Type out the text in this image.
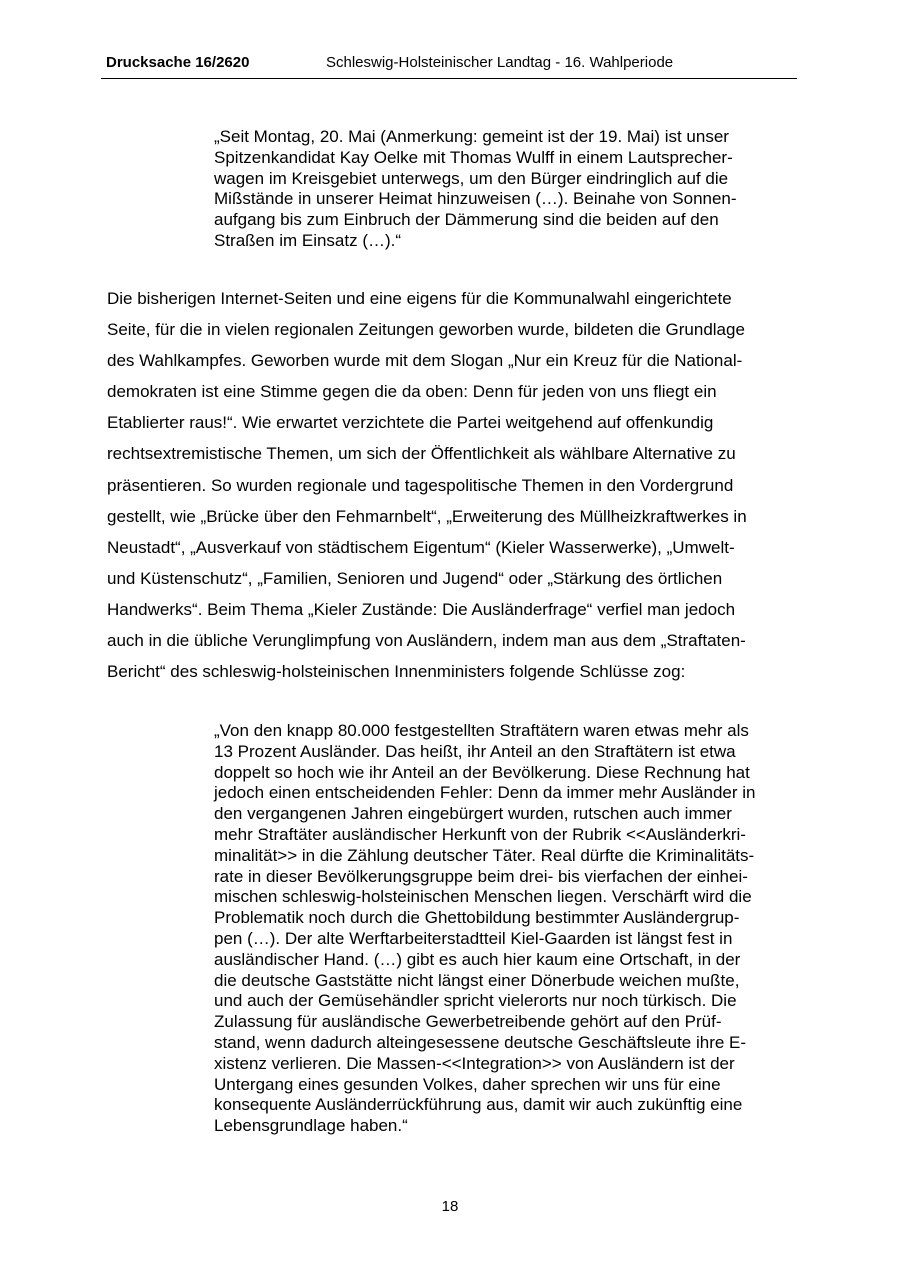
Drucksache 16/2620	Schleswig-Holsteinischer Landtag - 16. Wahlperiode
„Seit Montag, 20. Mai (Anmerkung: gemeint ist der 19. Mai) ist unser
Spitzenkandidat Kay Oelke mit Thomas Wulff in einem Lautsprecher-
wagen im Kreisgebiet unterwegs, um den Bürger eindringlich auf die
Mißstände in unserer Heimat hinzuweisen (…). Beinahe von Sonnen-
aufgang bis zum Einbruch der Dämmerung sind die beiden auf den
Straßen im Einsatz (…).“
Die bisherigen Internet-Seiten und eine eigens für die Kommunalwahl eingerichtete
Seite, für die in vielen regionalen Zeitungen geworben wurde, bildeten die Grundlage
des Wahlkampfes. Geworben wurde mit dem Slogan „Nur ein Kreuz für die National-
demokraten ist eine Stimme gegen die da oben: Denn für jeden von uns fliegt ein
Etablierter raus!“. Wie erwartet verzichtete die Partei weitgehend auf offenkundig
rechtsextremistische Themen, um sich der Öffentlichkeit als wählbare Alternative zu
präsentieren. So wurden regionale und tagespolitische Themen in den Vordergrund
gestellt, wie „Brücke über den Fehmarnbelt“, „Erweiterung des Müllheizkraftwerkes in
Neustadt“, „Ausverkauf von städtischem Eigentum“ (Kieler Wasserwerke), „Umwelt-
und Küstenschutz“, „Familien, Senioren und Jugend“ oder „Stärkung des örtlichen
Handwerks“. Beim Thema „Kieler Zustände: Die Ausländerfrage“ verfiel man jedoch
auch in die übliche Verunglimpfung von Ausländern, indem man aus dem „Straftaten-
Bericht“ des schleswig-holsteinischen Innenministers folgende Schlüsse zog:
„Von den knapp 80.000 festgestellten Straftätern waren etwas mehr als
13 Prozent Ausländer. Das heißt, ihr Anteil an den Straftätern ist etwa
doppelt so hoch wie ihr Anteil an der Bevölkerung. Diese Rechnung hat
jedoch einen entscheidenden Fehler: Denn da immer mehr Ausländer in
den vergangenen Jahren eingebürgert wurden, rutschen auch immer
mehr Straftäter ausländischer Herkunft von der Rubrik <<Ausländerkri-
minalität>> in die Zählung deutscher Täter. Real dürfte die Kriminalitäts-
rate in dieser Bevölkerungsgruppe beim drei- bis vierfachen der einhei-
mischen schleswig-holsteinischen Menschen liegen. Verschärft wird die
Problematik noch durch die Ghettobildung bestimmter Ausländergrup-
pen (…). Der alte Werftarbeiterstadtteil Kiel-Gaarden ist längst fest in
ausländischer Hand. (…) gibt es auch hier kaum eine Ortschaft, in der
die deutsche Gaststätte nicht längst einer Dönerbude weichen mußte,
und auch der Gemüsehändler spricht vielerorts nur noch türkisch. Die
Zulassung für ausländische Gewerbetreibende gehört auf den Prüf-
stand, wenn dadurch alteingesessene deutsche Geschäftsleute ihre E-
xistenz verlieren. Die Massen-<<Integration>> von Ausländern ist der
Untergang eines gesunden Volkes, daher sprechen wir uns für eine
konsequente Ausländerrückführung aus, damit wir auch zukünftig eine
Lebensgrundlage haben.“
18
